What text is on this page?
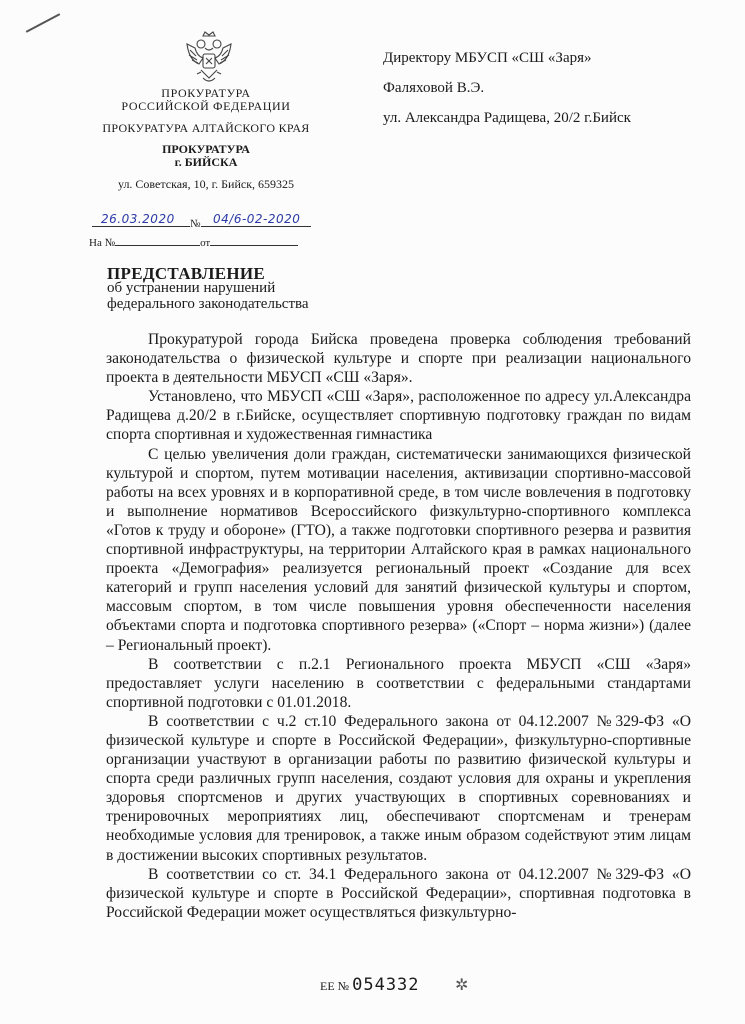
ПРОКУРАТУРА
РОССИЙСКОЙ ФЕДЕРАЦИИ
ПРОКУРАТУРА АЛТАЙСКОГО КРАЯ
ПРОКУРАТУРА
г. БИЙСКА
ул. Советская, 10, г. Бийск, 659325
Директору МБУСП «СШ «Заря»
Фаляховой В.Э.
ул. Александра Радищева, 20/2 г.Бийск
№
26.03.2020	04/6-02-2020
На №	от
ПРЕДСТАВЛЕНИЕ
об устранении нарушений
федерального законодательства

Прокуратурой города Бийска проведена проверка соблюдения требований законодательства о физической культуре и спорте при реализации национального проекта в деятельности МБУСП «СШ «Заря».

Установлено, что МБУСП «СШ «Заря», расположенное по адресу ул.Александра Радищева д.20/2 в г.Бийске, осуществляет спортивную подготовку граждан по видам спорта спортивная и художественная гимнастика

С целью увеличения доли граждан, систематически занимающихся физической культурой и спортом, путем мотивации населения, активизации спортивно-массовой работы на всех уровнях и в корпоративной среде, в том числе вовлечения в подготовку и выполнение нормативов Всероссийского физкультурно-спортивного комплекса «Готов к труду и обороне» (ГТО), а также подготовки спортивного резерва и развития спортивной инфраструктуры, на территории Алтайского края в рамках национального проекта «Демография» реализуется региональный проект «Создание для всех категорий и групп населения условий для занятий физической культуры и спортом, массовым спортом, в том числе повышения уровня обеспеченности населения объектами спорта и подготовка спортивного резерва» («Спорт – норма жизни») (далее – Региональный проект).

В соответствии с п.2.1 Регионального проекта МБУСП «СШ «Заря» предоставляет услуги населению в соответствии с федеральными стандартами спортивной подготовки с 01.01.2018.

В соответствии с ч.2 ст.10 Федерального закона от 04.12.2007 №329-ФЗ «О физической культуре и спорте в Российской Федерации», физкультурно-спортивные организации участвуют в организации работы по развитию физической культуры и спорта среди различных групп населения, создают условия для охраны и укрепления здоровья спортсменов и других участвующих в спортивных соревнованиях и тренировочных мероприятиях лиц, обеспечивают спортсменам и тренерам необходимые условия для тренировок, а также иным образом содействуют этим лицам в достижении высоких спортивных результатов.

В соответствии со ст. 34.1 Федерального закона от 04.12.2007 №329-ФЗ «О физической культуре и спорте в Российской Федерации», спортивная подготовка в Российской Федерации может осуществляться физкультурно-

ЕЕ № 054332 ✲
